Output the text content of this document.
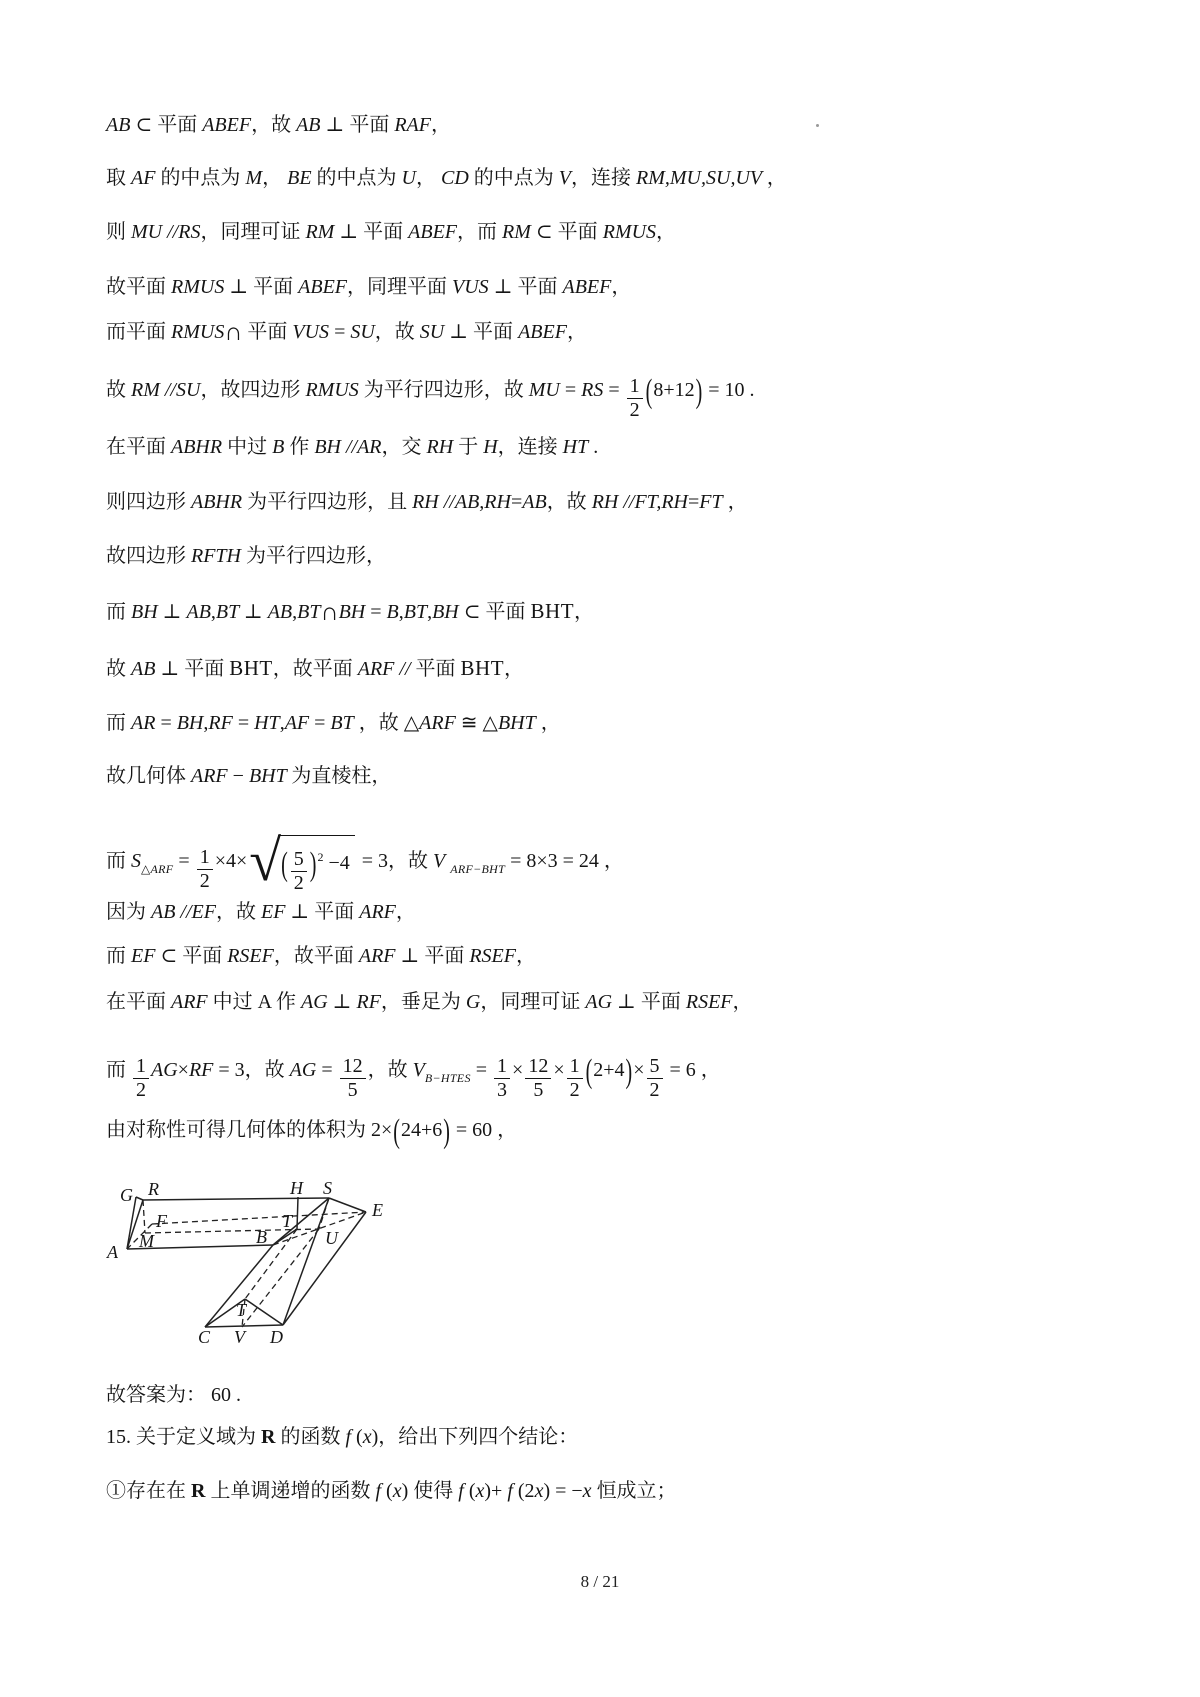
AB ⊂ 平面 ABEF，故 AB ⊥ 平面 RAF，
取 AF 的中点为 M， BE 的中点为 U， CD 的中点为 V，连接 RM,MU,SU,UV ，
则 MU //RS，同理可证 RM ⊥ 平面 ABEF，而 RM ⊂ 平面 RMUS，
故平面 RMUS ⊥ 平面 ABEF，同理平面 VUS ⊥ 平面 ABEF，
而平面 RMUS∩ 平面 VUS = SU，故 SU ⊥ 平面 ABEF，
故 RM //SU，故四边形 RMUS 为平行四边形，故 MU = RS = $\frac{1}{2} (8+12) = 10$ .
在平面 ABHR 中过 B 作 BH //AR，交 RH 于 H，连接 HT .
则四边形 ABHR 为平行四边形，且 RH //AB,RH=AB，故 RH //FT,RH=FT ，
故四边形 RFTH 为平行四边形，
而 BH ⊥ AB,BT ⊥ AB,BT∩BH = B,BT,BH ⊂ 平面 BHT，
故 AB ⊥ 平面 BHT，故平面 ARF // 平面 BHT，
而 AR = BH,RF = HT,AF = BT ，故 △ARF ≅ △BHT ，
故几何体 ARF − BHT 为直棱柱，
而 $S_{\triangle ARF} = \frac{1}{2} \times 4\times$ √ ( $\frac{5}{2} )^2 -4 = 3$，故 V $_{ARF-BHT}$ = 8×3 = 24 ，
因为 AB //EF，故 EF ⊥ 平面 ARF，
而 EF ⊂ 平面 RSEF，故平面 ARF ⊥ 平面 RSEF，
在平面 ARF 中过 A 作 AG ⊥ RF，垂足为 G，同理可证 AG ⊥ 平面 RSEF，
而 $\frac{1}{2} AG\times RF = 3$，故 AG = $\frac{12}{5}$ ，故 $V_{B-HTES} = \frac{1}{3} \times \frac{12}{5} \times \frac{1}{2} (2+4)\times \frac{5}{2} = 6$ ，
由对称性可得几何体的体积为 2×(24+6) = 60 ，
故答案为： 60 .
15. 关于定义域为 R 的函数 f (x)，给出下列四个结论：
①存在在 R 上单调递增的函数 f (x) 使得 f (x)+ f (2x) = −x 恒成立；
G R	H S
E
F
M
A
B
T
U
T
C V D
8 / 21
